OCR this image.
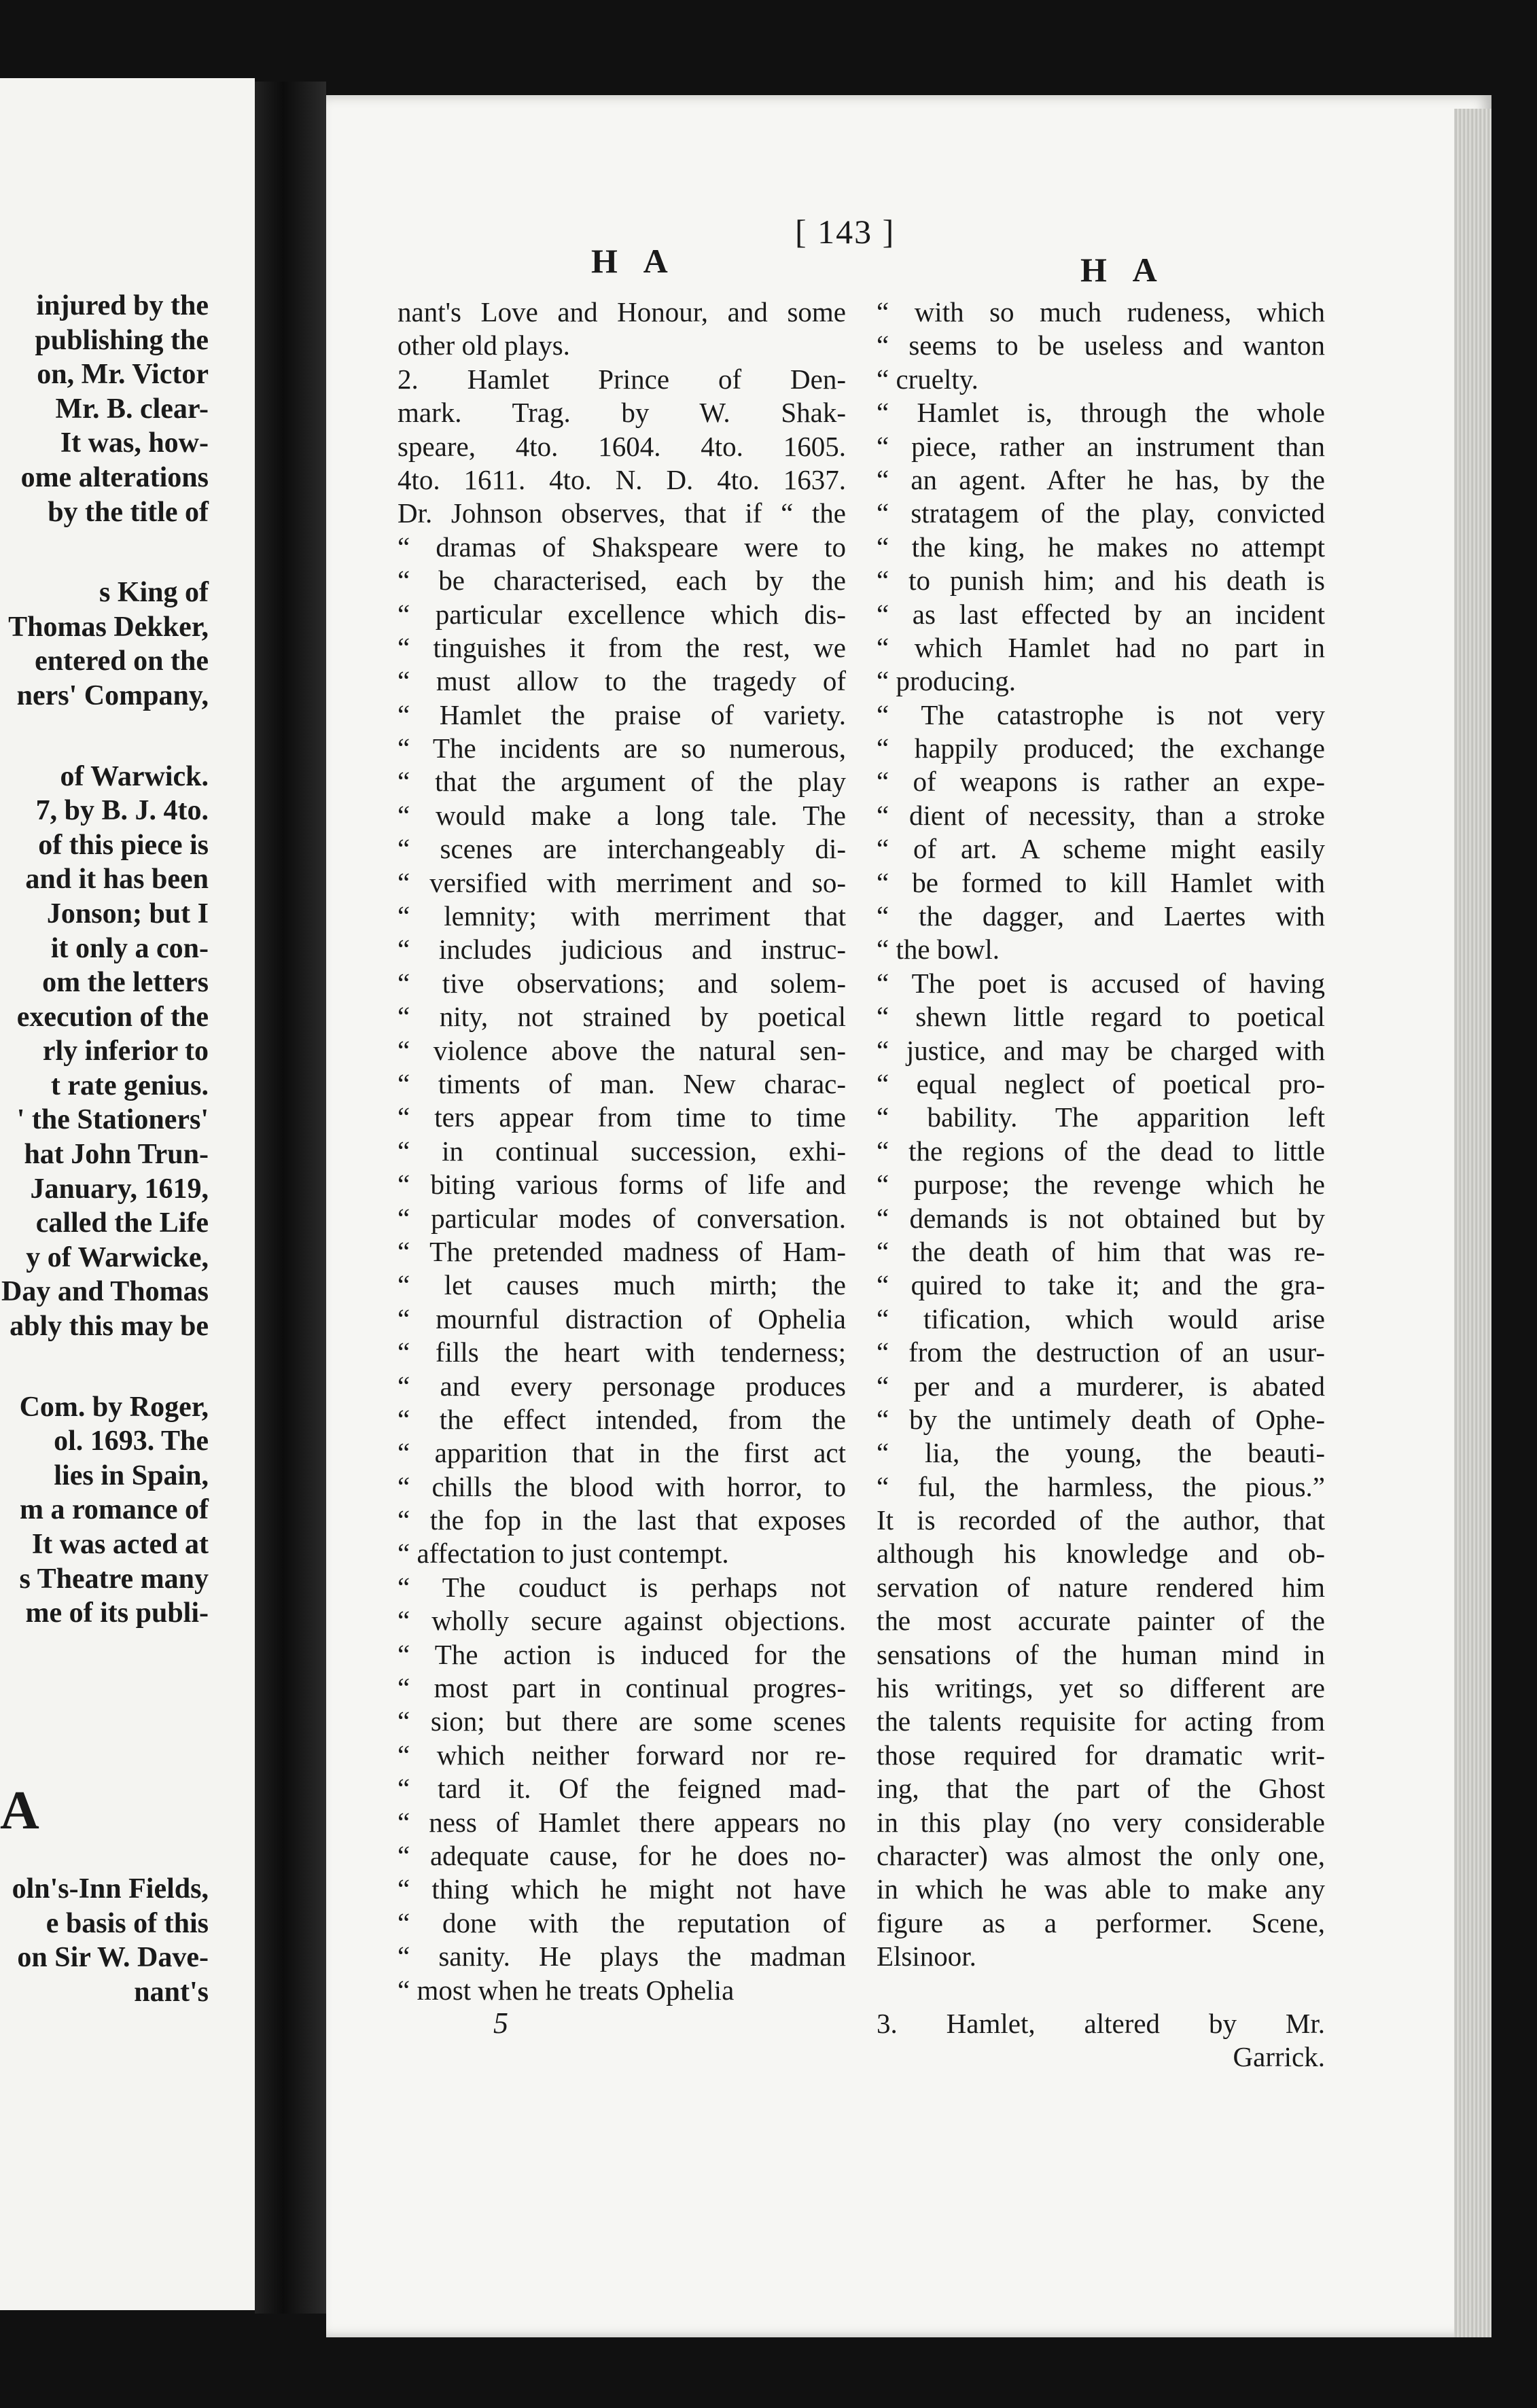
injured by the
publishing the
on, Mr. Victor
Mr. B. clear-
It was, how-
ome alterations
by the title of
s King of
Thomas Dekker,
entered on the
ners' Company,
of Warwick.
7, by B. J. 4to.
of this piece is
and it has been
Jonson; but I
it only a con-
om the letters
execution of the
rly inferior to
t rate genius.
' the Stationers'
hat John Trun-
January, 1619,
called the Life
y of Warwicke,
Day and Thomas
ably this may be
Com. by Roger,
ol. 1693. The
lies in Spain,
m a romance of
It was acted at
s Theatre many
me of its publi-
A
oln's-Inn Fields,
e basis of this
on Sir W. Dave-
nant's
H A
[ 143 ]
H A
nant's Love and Honour, and some
other old plays.
2. Hamlet Prince of Den-
mark. Trag. by W. Shak-
speare, 4to. 1604. 4to. 1605.
4to. 1611. 4to. N. D. 4to. 1637.
Dr. Johnson observes, that if “ the
“ dramas of Shakspeare were to
“ be characterised, each by the
“ particular excellence which dis-
“ tinguishes it from the rest, we
“ must allow to the tragedy of
“ Hamlet the praise of variety.
“ The incidents are so numerous,
“ that the argument of the play
“ would make a long tale. The
“ scenes are interchangeably di-
“ versified with merriment and so-
“ lemnity; with merriment that
“ includes judicious and instruc-
“ tive observations; and solem-
“ nity, not strained by poetical
“ violence above the natural sen-
“ timents of man. New charac-
“ ters appear from time to time
“ in continual succession, exhi-
“ biting various forms of life and
“ particular modes of conversation.
“ The pretended madness of Ham-
“ let causes much mirth; the
“ mournful distraction of Ophelia
“ fills the heart with tenderness;
“ and every personage produces
“ the effect intended, from the
“ apparition that in the first act
“ chills the blood with horror, to
“ the fop in the last that exposes
“ affectation to just contempt.
“ The couduct is perhaps not
“ wholly secure against objections.
“ The action is induced for the
“ most part in continual progres-
“ sion; but there are some scenes
“ which neither forward nor re-
“ tard it. Of the feigned mad-
“ ness of Hamlet there appears no
“ adequate cause, for he does no-
“ thing which he might not have
“ done with the reputation of
“ sanity. He plays the madman
“ most when he treats Ophelia
“ with so much rudeness, which
“ seems to be useless and wanton
“ cruelty.
“ Hamlet is, through the whole
“ piece, rather an instrument than
“ an agent. After he has, by the
“ stratagem of the play, convicted
“ the king, he makes no attempt
“ to punish him; and his death is
“ as last effected by an incident
“ which Hamlet had no part in
“ producing.
“ The catastrophe is not very
“ happily produced; the exchange
“ of weapons is rather an expe-
“ dient of necessity, than a stroke
“ of art. A scheme might easily
“ be formed to kill Hamlet with
“ the dagger, and Laertes with
“ the bowl.
“ The poet is accused of having
“ shewn little regard to poetical
“ justice, and may be charged with
“ equal neglect of poetical pro-
“ bability. The apparition left
“ the regions of the dead to little
“ purpose; the revenge which he
“ demands is not obtained but by
“ the death of him that was re-
“ quired to take it; and the gra-
“ tification, which would arise
“ from the destruction of an usur-
“ per and a murderer, is abated
“ by the untimely death of Ophe-
“ lia, the young, the beauti-
“ ful, the harmless, the pious.”
It is recorded of the author, that
although his knowledge and ob-
servation of nature rendered him
the most accurate painter of the
sensations of the human mind in
his writings, yet so different are
the talents requisite for acting from
those required for dramatic writ-
ing, that the part of the Ghost
in this play (no very considerable
character) was almost the only one,
in which he was able to make any
figure as a performer. Scene,
Elsinoor.
3. Hamlet, altered by Mr.
Garrick.
5
